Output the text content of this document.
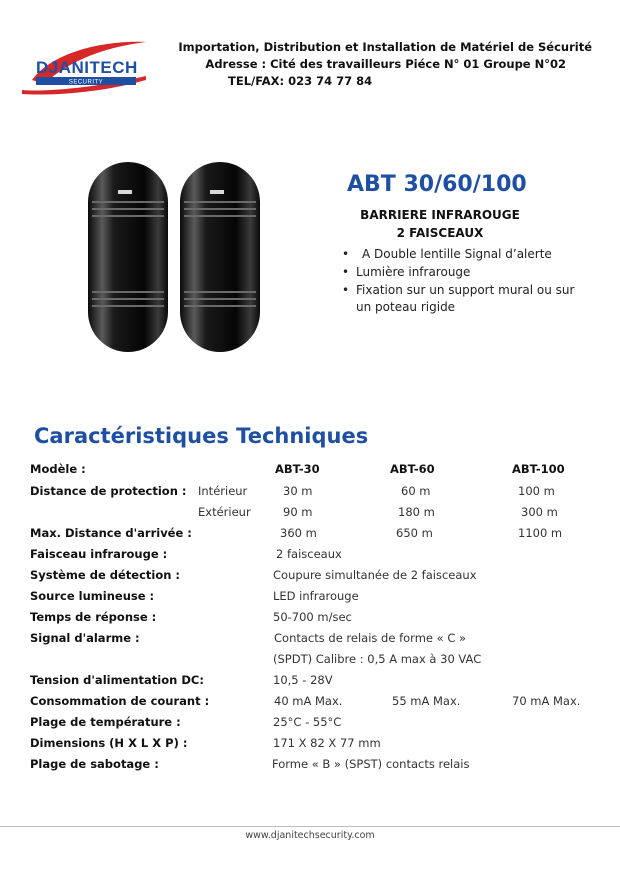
DJANITECH
SECURITY
Importation, Distribution et Installation de Matériel de Sécurité
Adresse : Cité des travailleurs Piéce N° 01 Groupe N°02
TEL/FAX: 023 74 77 84
ABT 30/60/100
BARRIERE INFRAROUGE
2 FAISCEAUX
• A Double lentille Signal d’alerte
• Lumière infrarouge
• Fixation sur un support mural ou sur un poteau rigide
Caractéristiques Techniques
Modèle :	ABT-30	ABT-60	ABT-100
Distance de protection : Intérieur	30 m	60 m	100 m
Extérieur	90 m	180 m	300 m
Max. Distance d'arrivée :	360 m	650 m	1100 m
Faisceau infrarouge :	2 faisceaux
Système de détection :	Coupure simultanée de 2 faisceaux
Source lumineuse :	LED infrarouge
Temps de réponse :	50-700 m/sec
Signal d'alarme :	Contacts de relais de forme « C »
(SPDT) Calibre : 0,5 A max à 30 VAC
Tension d'alimentation DC:	10,5 - 28V
Consommation de courant :	40 mA Max.	55 mA Max.	70 mA Max.
Plage de température :	25°C - 55°C
Dimensions (H X L X P) :	171 X 82 X 77 mm
Plage de sabotage :	Forme « B » (SPST) contacts relais
www.djanitechsecurity.com
